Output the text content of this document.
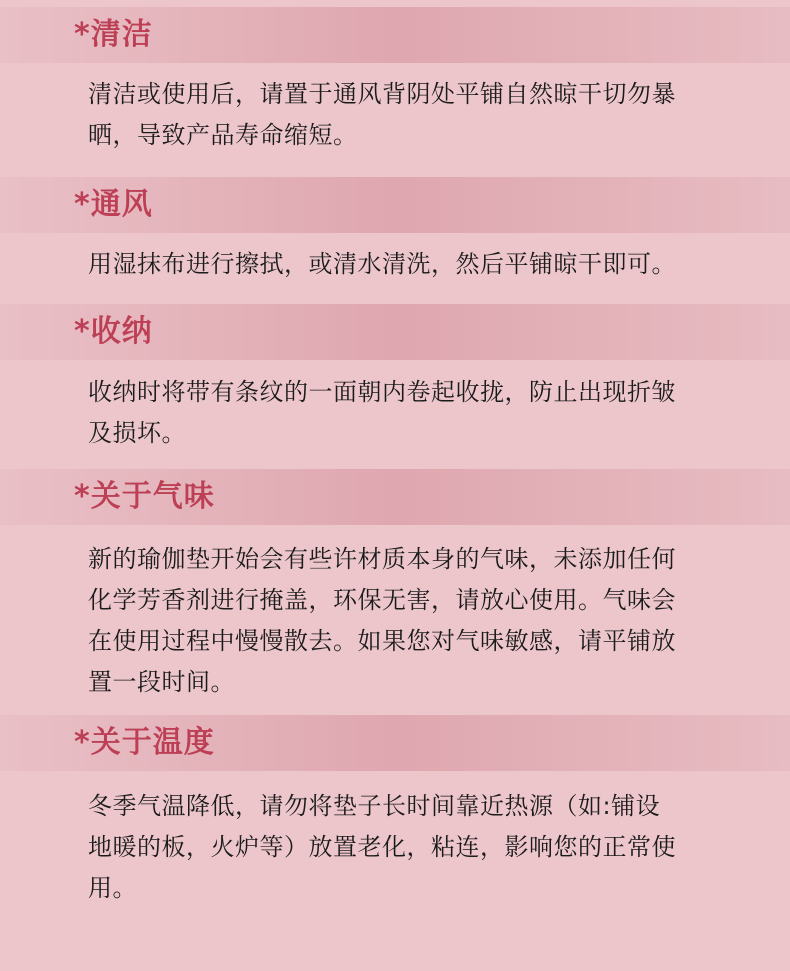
*清洁
清洁或使用后，请置于通风背阴处平铺自然晾干切勿暴
晒，导致产品寿命缩短。
*通风
用湿抹布进行擦拭，或清水清洗，然后平铺晾干即可。
*收纳
收纳时将带有条纹的一面朝内卷起收拢，防止出现折皱
及损坏。
*关于气味
新的瑜伽垫开始会有些许材质本身的气味，未添加任何
化学芳香剂进行掩盖，环保无害，请放心使用。气味会
在使用过程中慢慢散去。如果您对气味敏感，请平铺放
置一段时间。
*关于温度
冬季气温降低，请勿将垫子长时间靠近热源（如:铺设
地暖的板，火炉等）放置老化，粘连，影响您的正常使
用。
